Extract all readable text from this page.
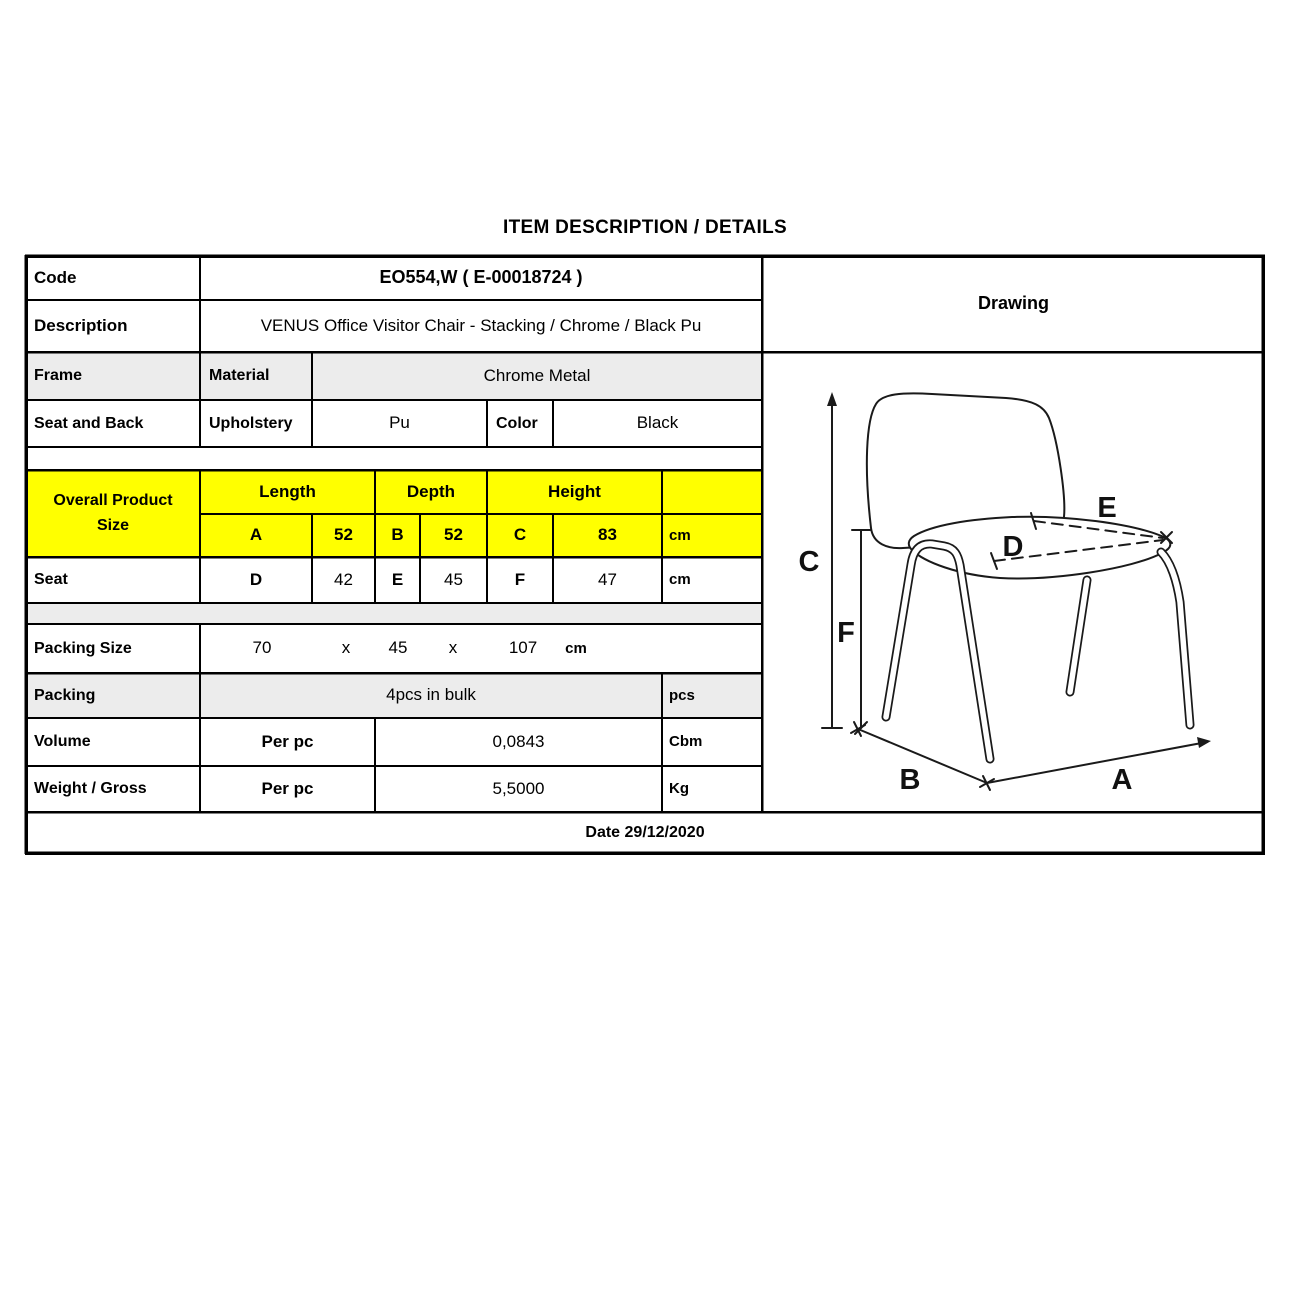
ITEM DESCRIPTION / DETAILS
Code	EO554,W ( E-00018724 )
Description	VENUS Office Visitor Chair - Stacking / Chrome / Black Pu
Frame	Material	Chrome Metal
Seat and Back	Upholstery	Pu	Color	Black
Overall Product Size
Length	Depth	Height
A	52	B	52	C	83	cm
Seat	D	42	E	45	F	47	cm
Packing Size	70	x	45	x	107	cm
Packing	4pcs in bulk	pcs
Volume	Per pc	0,0843	Cbm
Weight / Gross	Per pc	5,5000	Kg
Date 29/12/2020
Drawing
C
F
D
E
B	A
